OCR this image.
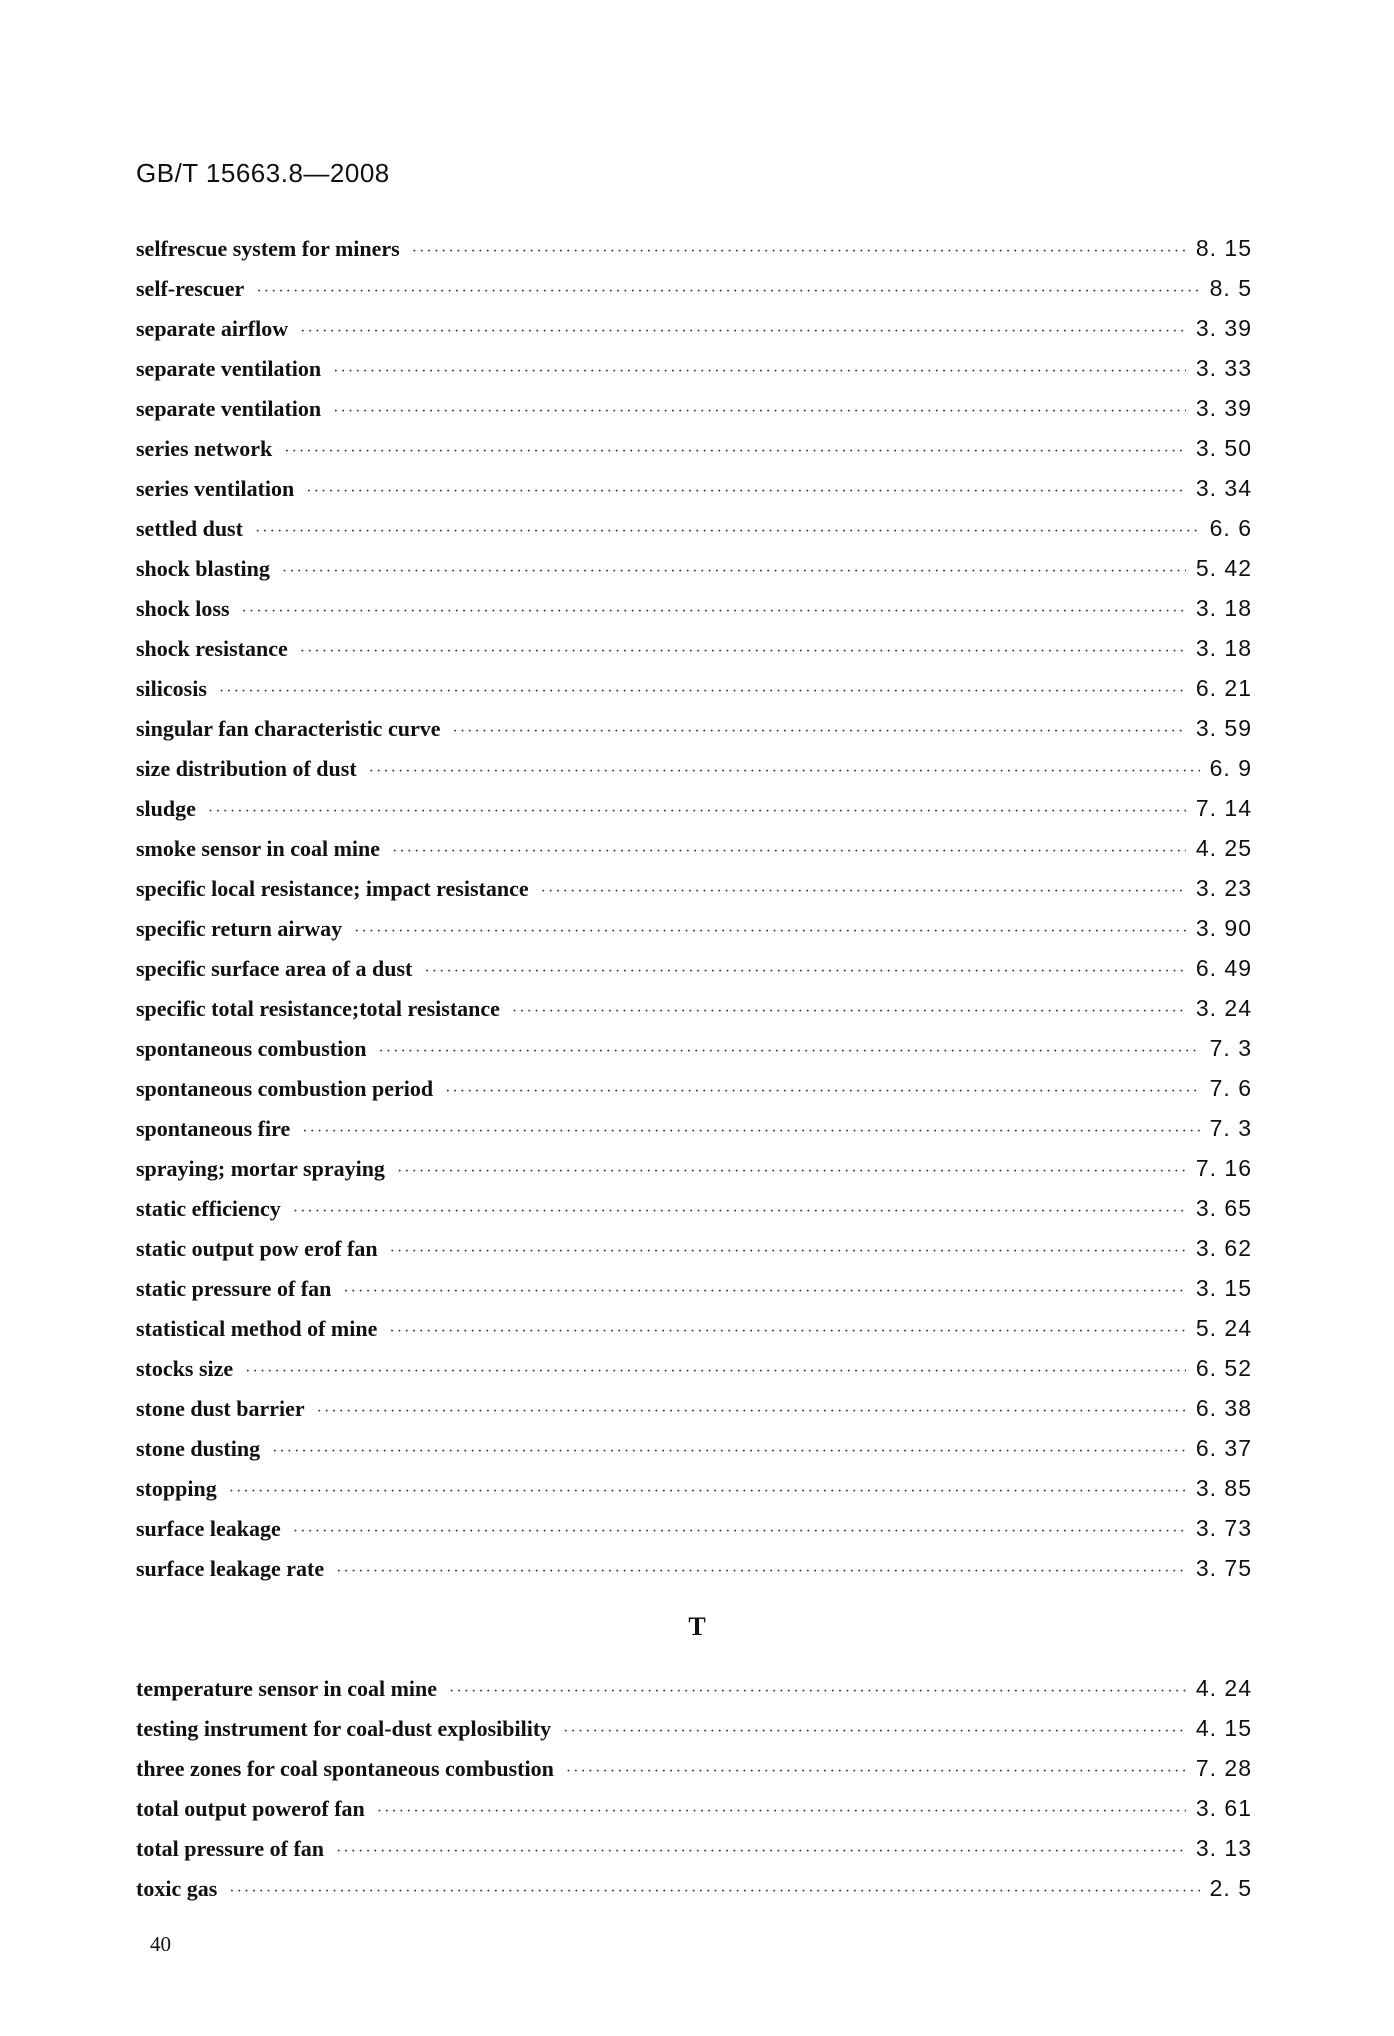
GB/T 15663.8—2008
selfrescue system for miners ·····	8. 15
self-rescuer ·····	8. 5
separate airflow ·····	3. 39
separate ventilation ·····	3. 33
separate ventilation ·····	3. 39
series network ·····	3. 50
series ventilation ·····	3. 34
settled dust ·····	6. 6
shock blasting ·····	5. 42
shock loss ·····	3. 18
shock resistance ·····	3. 18
silicosis ·····	6. 21
singular fan characteristic curve ·····	3. 59
size distribution of dust ·····	6. 9
sludge ·····	7. 14
smoke sensor in coal mine ·····	4. 25
specific local resistance; impact resistance ·····	3. 23
specific return airway ·····	3. 90
specific surface area of a dust ·····	6. 49
specific total resistance;total resistance ·····	3. 24
spontaneous combustion ·····	7. 3
spontaneous combustion period ·····	7. 6
spontaneous fire ·····	7. 3
spraying; mortar spraying ·····	7. 16
static efficiency ·····	3. 65
static output pow erof fan ·····	3. 62
static pressure of fan ·····	3. 15
statistical method of mine ·····	5. 24
stocks size ·····	6. 52
stone dust barrier ·····	6. 38
stone dusting ·····	6. 37
stopping ·····	3. 85
surface leakage ·····	3. 73
surface leakage rate ·····	3. 75
T
temperature sensor in coal mine ·····	4. 24
testing instrument for coal-dust explosibility ·····	4. 15
three zones for coal spontaneous combustion ·····	7. 28
total output powerof fan ·····	3. 61
total pressure of fan ·····	3. 13
toxic gas ·····	2. 5
40
